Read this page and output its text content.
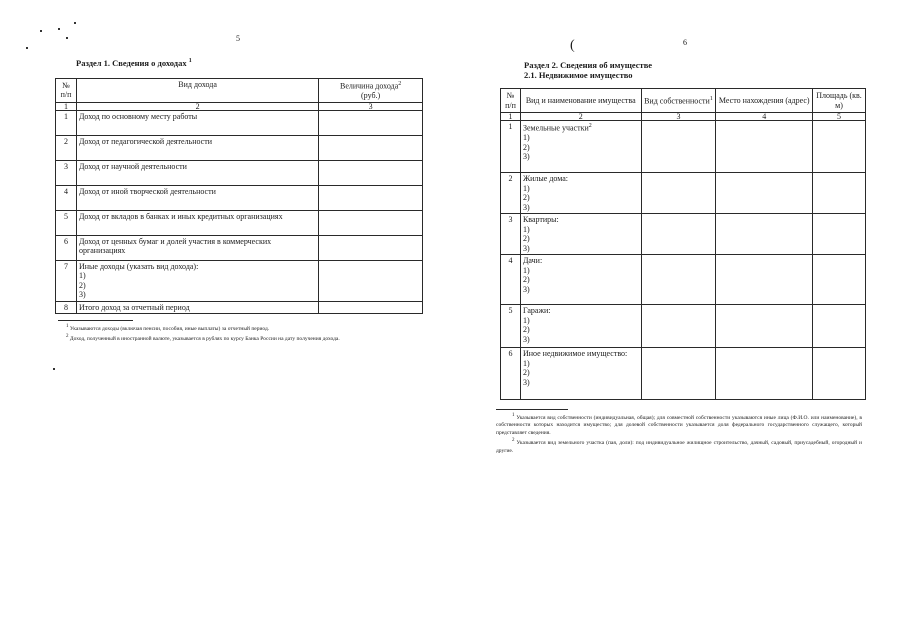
5
Раздел 1. Сведения о доходах $^1$
№
п/п	Вид дохода	Величина дохода$^2$
(руб.)

1	2	3
1	Доход по основному месту работы	
2	Доход от педагогической деятельности	
3	Доход от научной деятельности	
4	Доход от иной творческой деятельности	
5	Доход от вкладов в банках и иных кредитных организациях	
6	Доход от ценных бумаг и долей участия в коммерческих организациях	
7	Иные доходы (указать вид дохода):
1)
2)
3)	

8	Итого доход за отчетный период	
$^1$ Указываются доходы (включая пенсии, пособия, иные выплаты) за отчетный период.
$^2$ Доход, полученный в иностранной валюте, указывается в рублях по курсу Банка России на дату получения дохода.
6
(
Раздел 2. Сведения об имуществе
2.1. Недвижимое имущество
№
п/п	Вид и наименование имущества	Вид собственности$^1$	Место нахождения (адрес)	Площадь (кв. м)
1	2	3	4	5
1	Земельные участки$^2$
1)
2)
3)			

2	Жилые дома:
1)
2)
3)			

3	Квартиры:
1)
2)
3)			

4	Дачи:
1)
2)
3)			

5	Гаражи:
1)
2)
3)			

6	Иное недвижимое имущество:
1)
2)
3)			

$^1$ Указывается вид собственности (индивидуальная, общая); для совместной собственности указываются иные лица (Ф.И.О. или наименование), в собственности которых находится имущество; для долевой собственности указывается доля федерального государственного служащего, который представляет сведения.
$^2$ Указывается вид земельного участка (пая, доли): под индивидуальное жилищное строительство, дачный, садовый, приусадебный, огородный и другие.
